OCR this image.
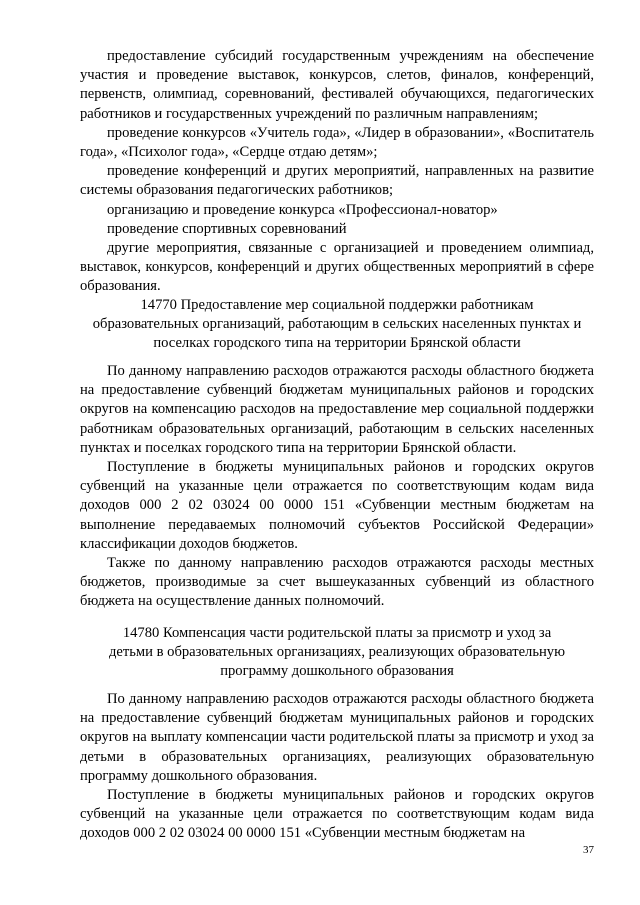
предоставление субсидий государственным учреждениям на обеспечение участия и проведение выставок, конкурсов, слетов, финалов, конференций, первенств, олимпиад, соревнований, фестивалей обучающихся, педагогических работников и государственных учреждений по различным направлениям;

проведение конкурсов «Учитель года», «Лидер в образовании», «Воспитатель года», «Психолог года», «Сердце отдаю детям»;

проведение конференций и других мероприятий, направленных на развитие системы образования педагогических работников;

организацию и проведение конкурса «Профессионал-новатор»

проведение спортивных соревнований

другие мероприятия, связанные с организацией и проведением олимпиад, выставок, конкурсов, конференций и других общественных мероприятий в сфере образования.

14770 Предоставление мер социальной поддержки работникам
образовательных организаций, работающим в сельских населенных пунктах и
поселках городского типа на территории Брянской области

По данному направлению расходов отражаются расходы областного бюджета на предоставление субвенций бюджетам муниципальных районов и городских округов на компенсацию расходов на предоставление мер социальной поддержки работникам образовательных организаций, работающим в сельских населенных пунктах и поселках городского типа на территории Брянской области.

Поступление в бюджеты муниципальных районов и городских округов субвенций на указанные цели отражается по соответствующим кодам вида доходов 000 2 02 03024 00 0000 151 «Субвенции местным бюджетам на выполнение передаваемых полномочий субъектов Российской Федерации» классификации доходов бюджетов.

Также по данному направлению расходов отражаются расходы местных бюджетов, производимые за счет вышеуказанных субвенций из областного бюджета на осуществление данных полномочий.

14780 Компенсация части родительской платы за присмотр и уход за
детьми в образовательных организациях, реализующих образовательную
программу дошкольного образования

По данному направлению расходов отражаются расходы областного бюджета на предоставление субвенций бюджетам муниципальных районов и городских округов на выплату компенсации части родительской платы за присмотр и уход за детьми в образовательных организациях, реализующих образовательную программу дошкольного образования.

Поступление в бюджеты муниципальных районов и городских округов субвенций на указанные цели отражается по соответствующим кодам вида доходов 000 2 02 03024 00 0000 151 «Субвенции местным бюджетам на

37
